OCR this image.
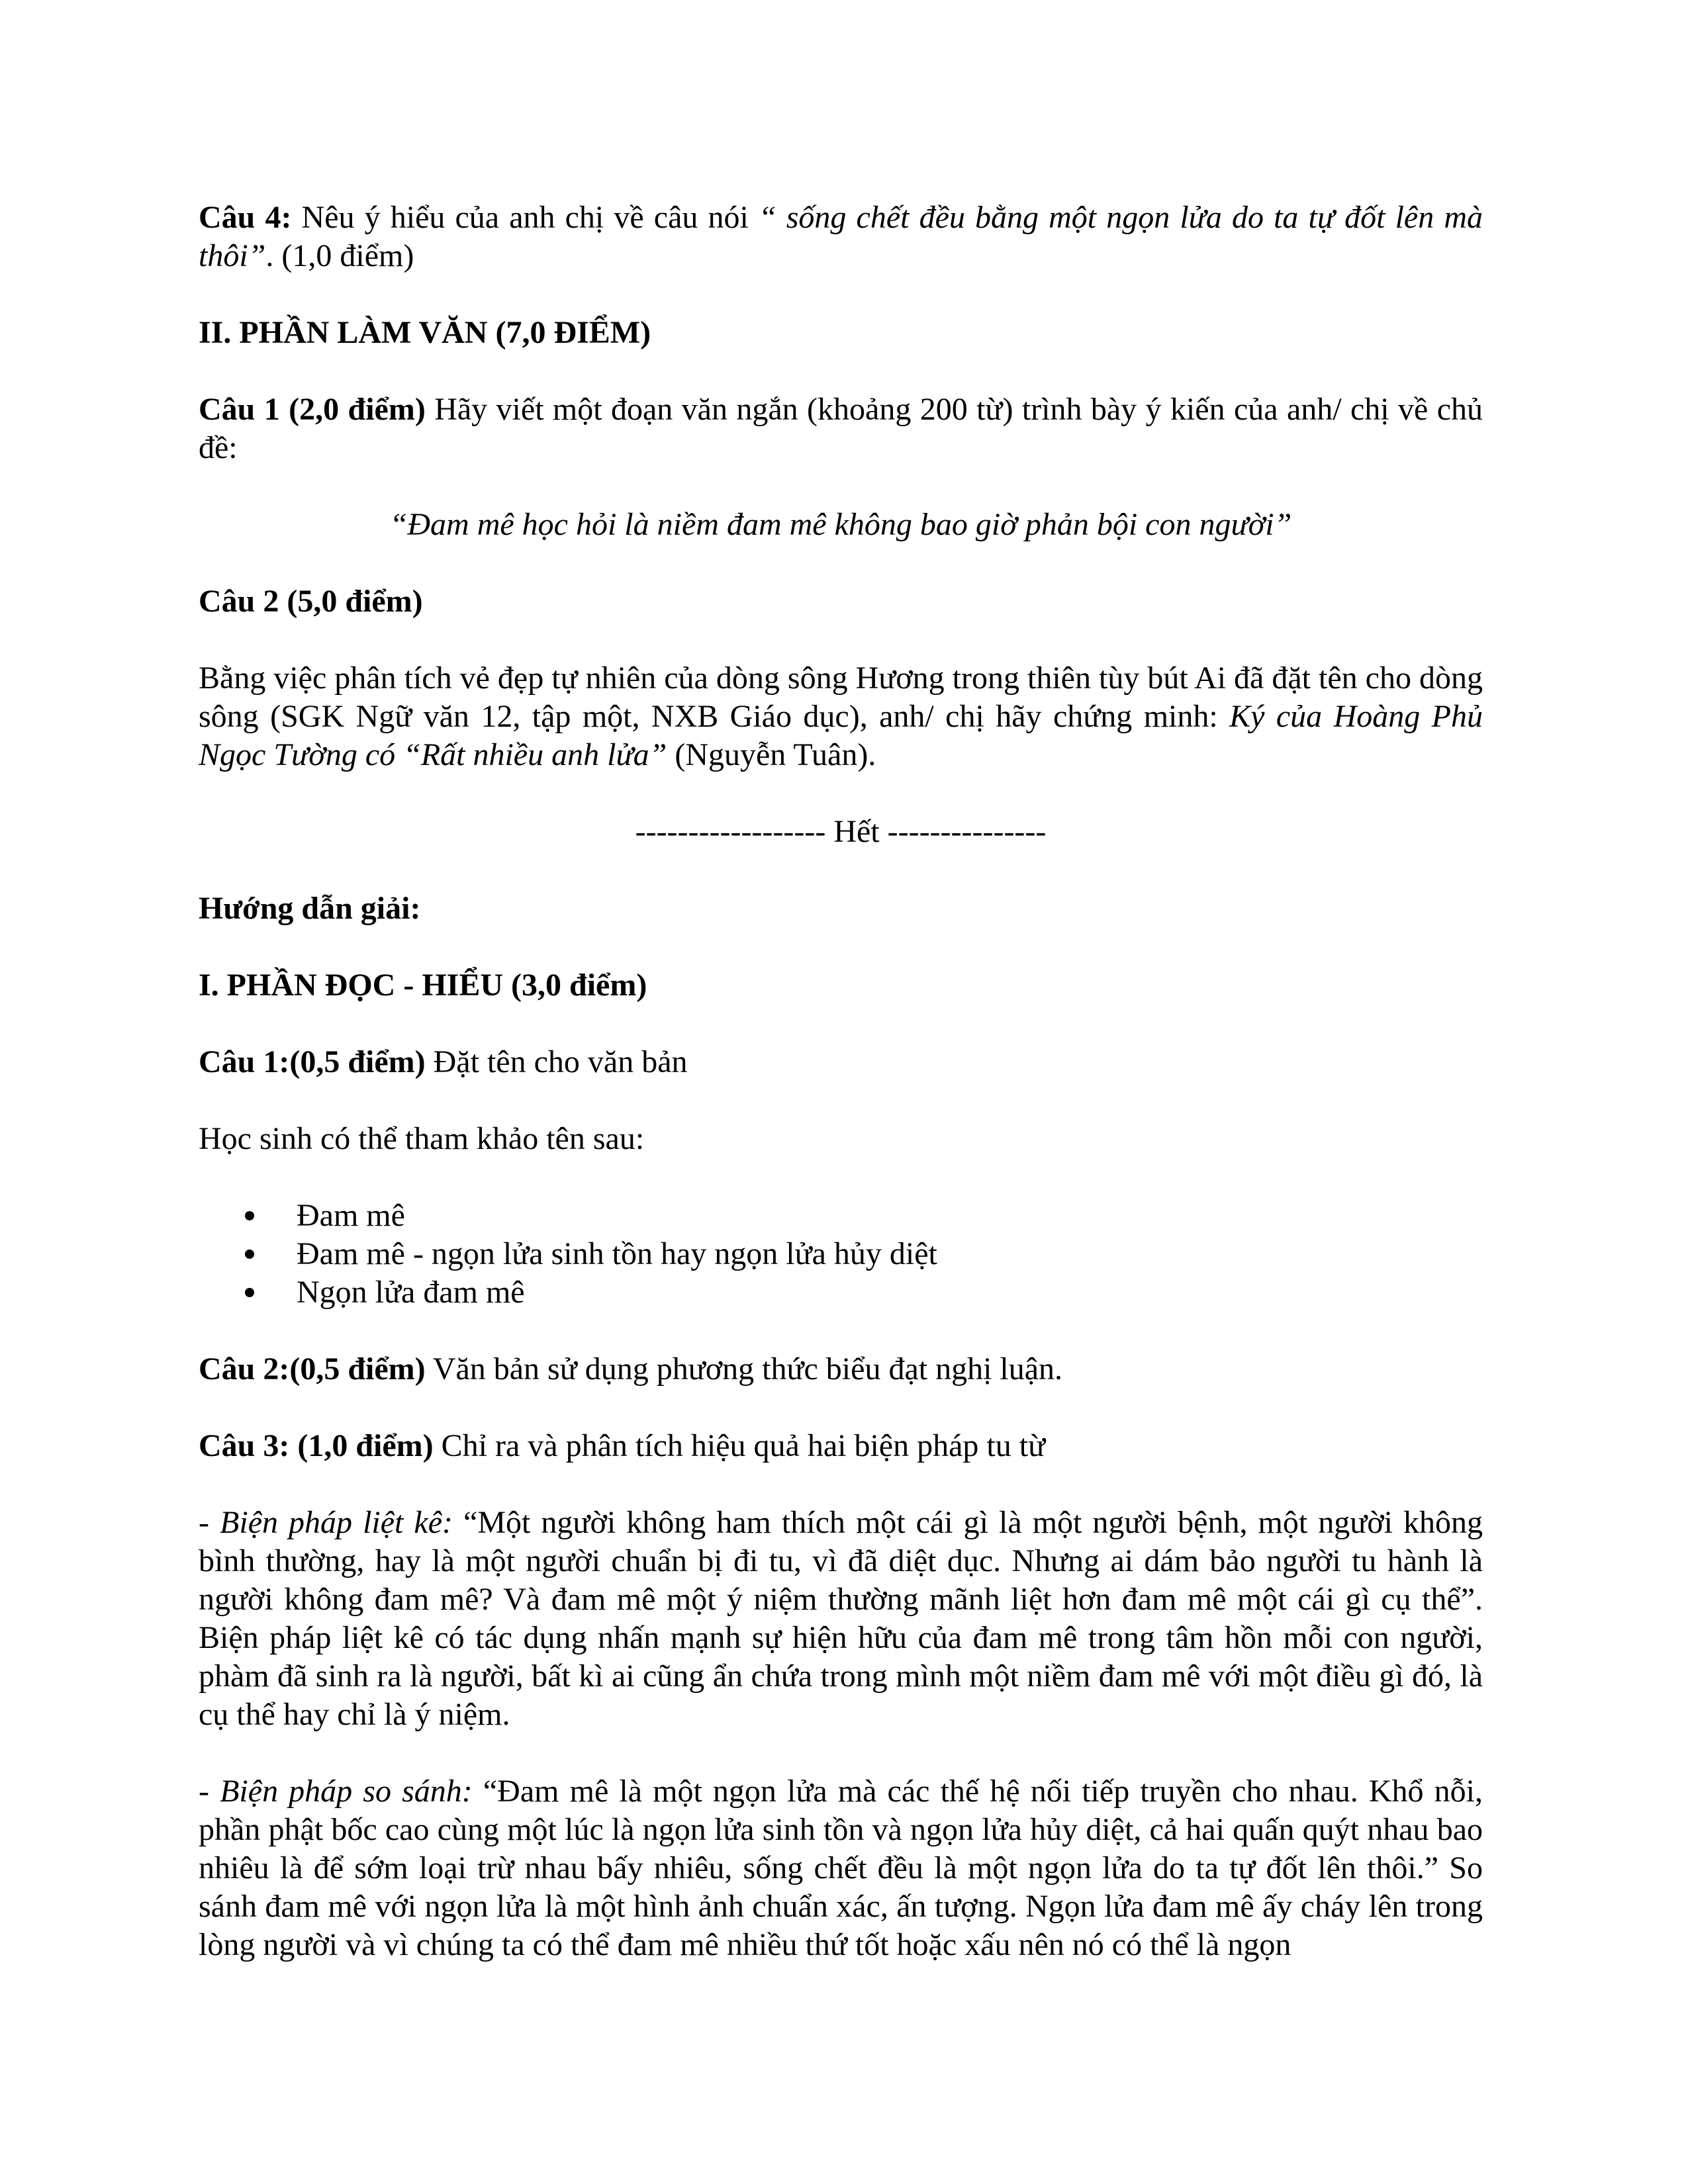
Câu 4: Nêu ý hiểu của anh chị về câu nói “ sống chết đều bằng một ngọn lửa do ta tự đốt lên mà thôi”. (1,0 điểm)

II. PHẦN LÀM VĂN (7,0 ĐIỂM)

Câu 1 (2,0 điểm) Hãy viết một đoạn văn ngắn (khoảng 200 từ) trình bày ý kiến của anh/ chị về chủ đề:

“Đam mê học hỏi là niềm đam mê không bao giờ phản bội con người”

Câu 2 (5,0 điểm)

Bằng việc phân tích vẻ đẹp tự nhiên của dòng sông Hương trong thiên tùy bút Ai đã đặt tên cho dòng sông (SGK Ngữ văn 12, tập một, NXB Giáo dục), anh/ chị hãy chứng minh: Ký của Hoàng Phủ Ngọc Tường có “Rất nhiều anh lửa” (Nguyễn Tuân).

------------------ Hết ---------------

Hướng dẫn giải:

I. PHẦN ĐỌC - HIỂU (3,0 điểm)

Câu 1:(0,5 điểm) Đặt tên cho văn bản

Học sinh có thể tham khảo tên sau:

Đam mê
Đam mê - ngọn lửa sinh tồn hay ngọn lửa hủy diệt
Ngọn lửa đam mê

Câu 2:(0,5 điểm) Văn bản sử dụng phương thức biểu đạt nghị luận.

Câu 3: (1,0 điểm) Chỉ ra và phân tích hiệu quả hai biện pháp tu từ

- Biện pháp liệt kê: “Một người không ham thích một cái gì là một người bệnh, một người không bình thường, hay là một người chuẩn bị đi tu, vì đã diệt dục. Nhưng ai dám bảo người tu hành là người không đam mê? Và đam mê một ý niệm thường mãnh liệt hơn đam mê một cái gì cụ thể”. Biện pháp liệt kê có tác dụng nhấn mạnh sự hiện hữu của đam mê trong tâm hồn mỗi con người, phàm đã sinh ra là người, bất kì ai cũng ẩn chứa trong mình một niềm đam mê với một điều gì đó, là cụ thể hay chỉ là ý niệm.

- Biện pháp so sánh: “Đam mê là một ngọn lửa mà các thế hệ nối tiếp truyền cho nhau. Khổ nỗi, phần phật bốc cao cùng một lúc là ngọn lửa sinh tồn và ngọn lửa hủy diệt, cả hai quấn quýt nhau bao nhiêu là để sớm loại trừ nhau bấy nhiêu, sống chết đều là một ngọn lửa do ta tự đốt lên thôi.” So sánh đam mê với ngọn lửa là một hình ảnh chuẩn xác, ấn tượng. Ngọn lửa đam mê ấy cháy lên trong lòng người và vì chúng ta có thể đam mê nhiều thứ tốt hoặc xấu nên nó có thể là ngọn
